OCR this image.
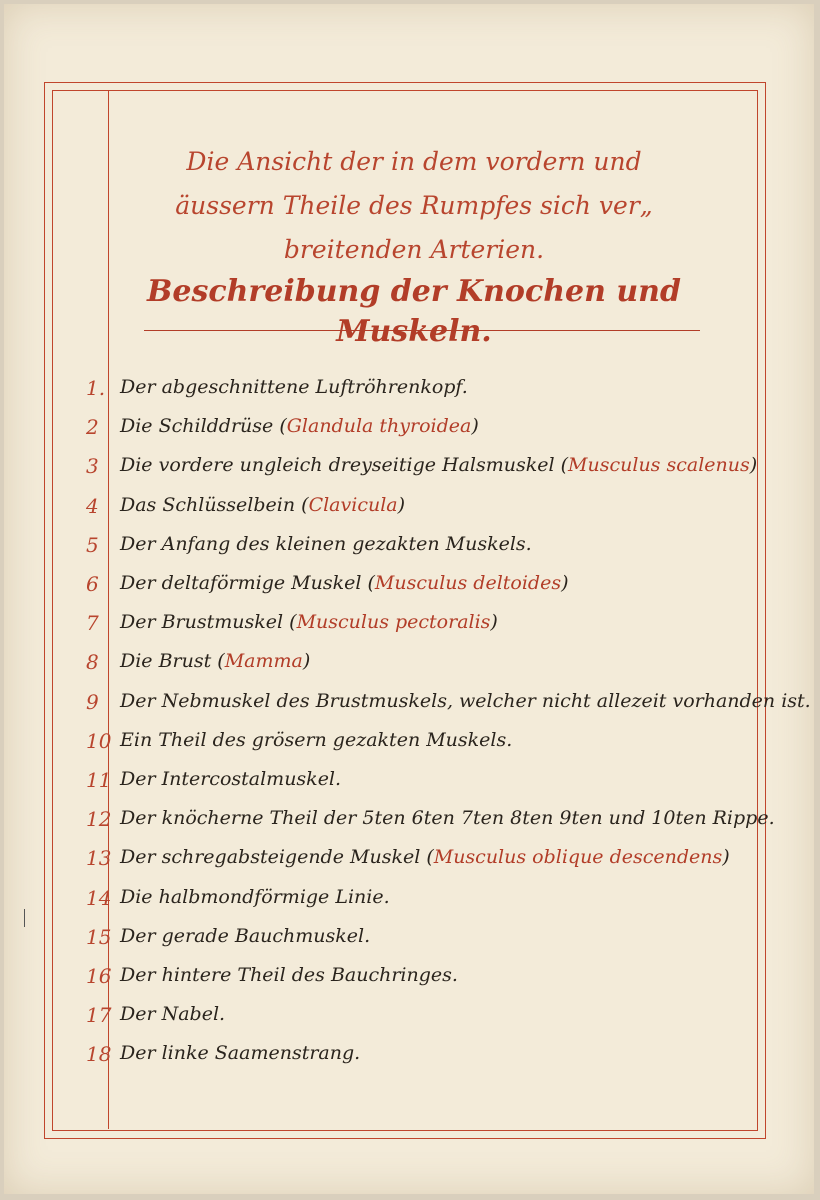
Die Ansicht der in dem vordern und
äussern Theile des Rumpfes sich ver„
breitenden Arterien.
Beschreibung der Knochen und Muskeln.
1. Der abgeschnittene Luftröhrenkopf.
2	Die Schilddrüse (Glandula thyroidea)
3	Die vordere ungleich dreyseitige Halsmuskel (Musculus scalenus)
4	Das Schlüsselbein (Clavicula)
5	Der Anfang des kleinen gezakten Muskels.
6	Der deltaförmige Muskel (Musculus deltoides)
7	Der Brustmuskel (Musculus pectoralis)
8	Die Brust (Mamma)
9	Der Nebmuskel des Brustmuskels, welcher nicht allezeit vorhanden ist.
10 Ein Theil des grösern gezakten Muskels.
11 Der Intercostalmuskel.
12 Der knöcherne Theil der 5ten 6ten 7ten 8ten 9ten und 10ten Rippe.
13 Der schregabsteigende Muskel (Musculus oblique descendens)
14 Die halbmondförmige Linie.
15 Der gerade Bauchmuskel.
16 Der hintere Theil des Bauchringes.
17 Der Nabel.
18 Der linke Saamenstrang.
